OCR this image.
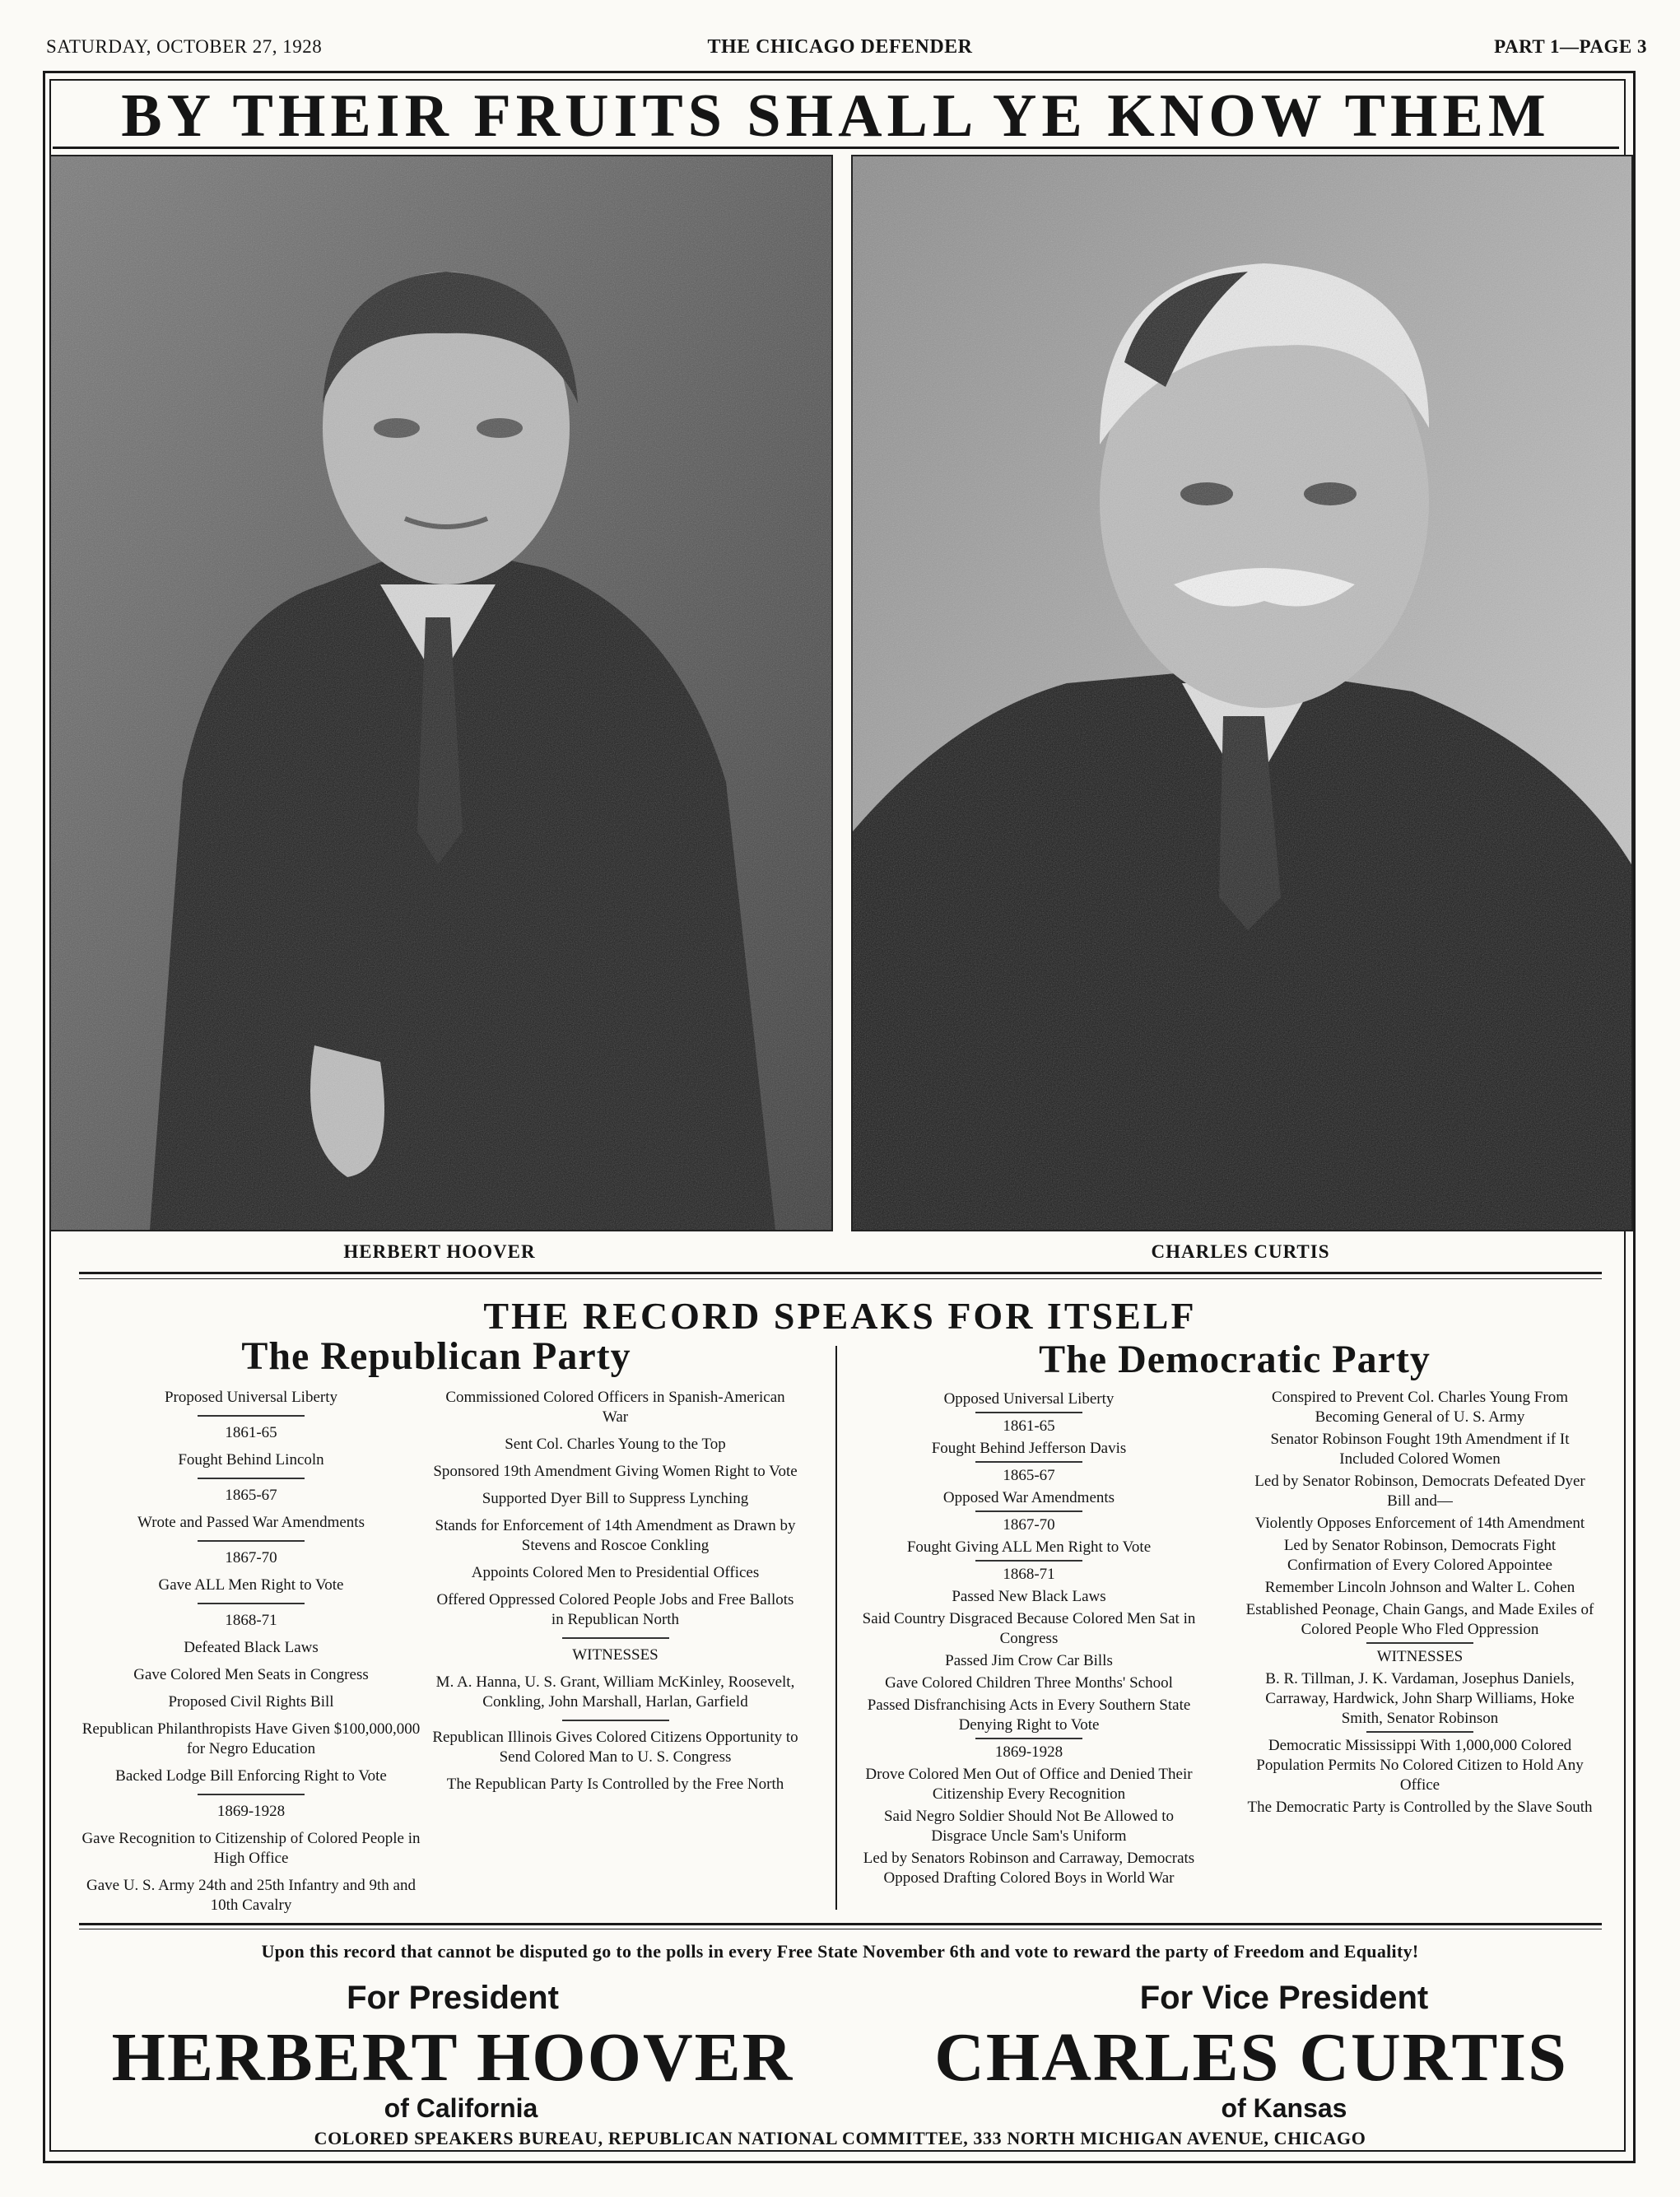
SATURDAY, OCTOBER 27, 1928	THE CHICAGO DEFENDER	PART 1—PAGE 3
BY THEIR FRUITS SHALL YE KNOW THEM
HERBERT HOOVER	CHARLES CURTIS
THE RECORD SPEAKS FOR ITSELF
The Republican Party	The Democratic Party
Proposed Universal Liberty
1861-65
Fought Behind Lincoln
1865-67
Wrote and Passed War Amendments
1867-70
Gave ALL Men Right to Vote
1868-71
Defeated Black Laws
Gave Colored Men Seats in Congress
Proposed Civil Rights Bill
Republican Philanthropists Have Given $100,000,000 for Negro Education
Backed Lodge Bill Enforcing Right to Vote
1869-1928
Gave Recognition to Citizenship of Colored People in High Office
Gave U. S. Army 24th and 25th Infantry and 9th and 10th Cavalry
Commissioned Colored Officers in Spanish-American War
Sent Col. Charles Young to the Top
Sponsored 19th Amendment Giving Women Right to Vote
Supported Dyer Bill to Suppress Lynching
Stands for Enforcement of 14th Amendment as Drawn by Stevens and Roscoe Conkling
Appoints Colored Men to Presidential Offices
Offered Oppressed Colored People Jobs and Free Ballots in Republican North
WITNESSES
M. A. Hanna, U. S. Grant, William McKinley, Roosevelt, Conkling, John Marshall, Harlan, Garfield
Republican Illinois Gives Colored Citizens Opportunity to Send Colored Man to U. S. Congress
The Republican Party Is Controlled by the Free North
Opposed Universal Liberty
1861-65
Fought Behind Jefferson Davis
1865-67
Opposed War Amendments
1867-70
Fought Giving ALL Men Right to Vote
1868-71
Passed New Black Laws
Said Country Disgraced Because Colored Men Sat in Congress
Passed Jim Crow Car Bills
Gave Colored Children Three Months' School
Passed Disfranchising Acts in Every Southern State Denying Right to Vote
1869-1928
Drove Colored Men Out of Office and Denied Their Citizenship Every Recognition
Said Negro Soldier Should Not Be Allowed to Disgrace Uncle Sam's Uniform
Led by Senators Robinson and Carraway, Democrats Opposed Drafting Colored Boys in World War
Conspired to Prevent Col. Charles Young From Becoming General of U. S. Army
Senator Robinson Fought 19th Amendment if It Included Colored Women
Led by Senator Robinson, Democrats Defeated Dyer Bill and—
Violently Opposes Enforcement of 14th Amendment
Led by Senator Robinson, Democrats Fight Confirmation of Every Colored Appointee
Remember Lincoln Johnson and Walter L. Cohen
Established Peonage, Chain Gangs, and Made Exiles of Colored People Who Fled Oppression
WITNESSES
B. R. Tillman, J. K. Vardaman, Josephus Daniels, Carraway, Hardwick, John Sharp Williams, Hoke Smith, Senator Robinson
Democratic Mississippi With 1,000,000 Colored Population Permits No Colored Citizen to Hold Any Office
The Democratic Party is Controlled by the Slave South
Upon this record that cannot be disputed go to the polls in every Free State November 6th and vote to reward the party of Freedom and Equality!
For President	For Vice President
HERBERT HOOVER	CHARLES CURTIS
of California	of Kansas
COLORED SPEAKERS BUREAU, REPUBLICAN NATIONAL COMMITTEE, 333 NORTH MICHIGAN AVENUE, CHICAGO
